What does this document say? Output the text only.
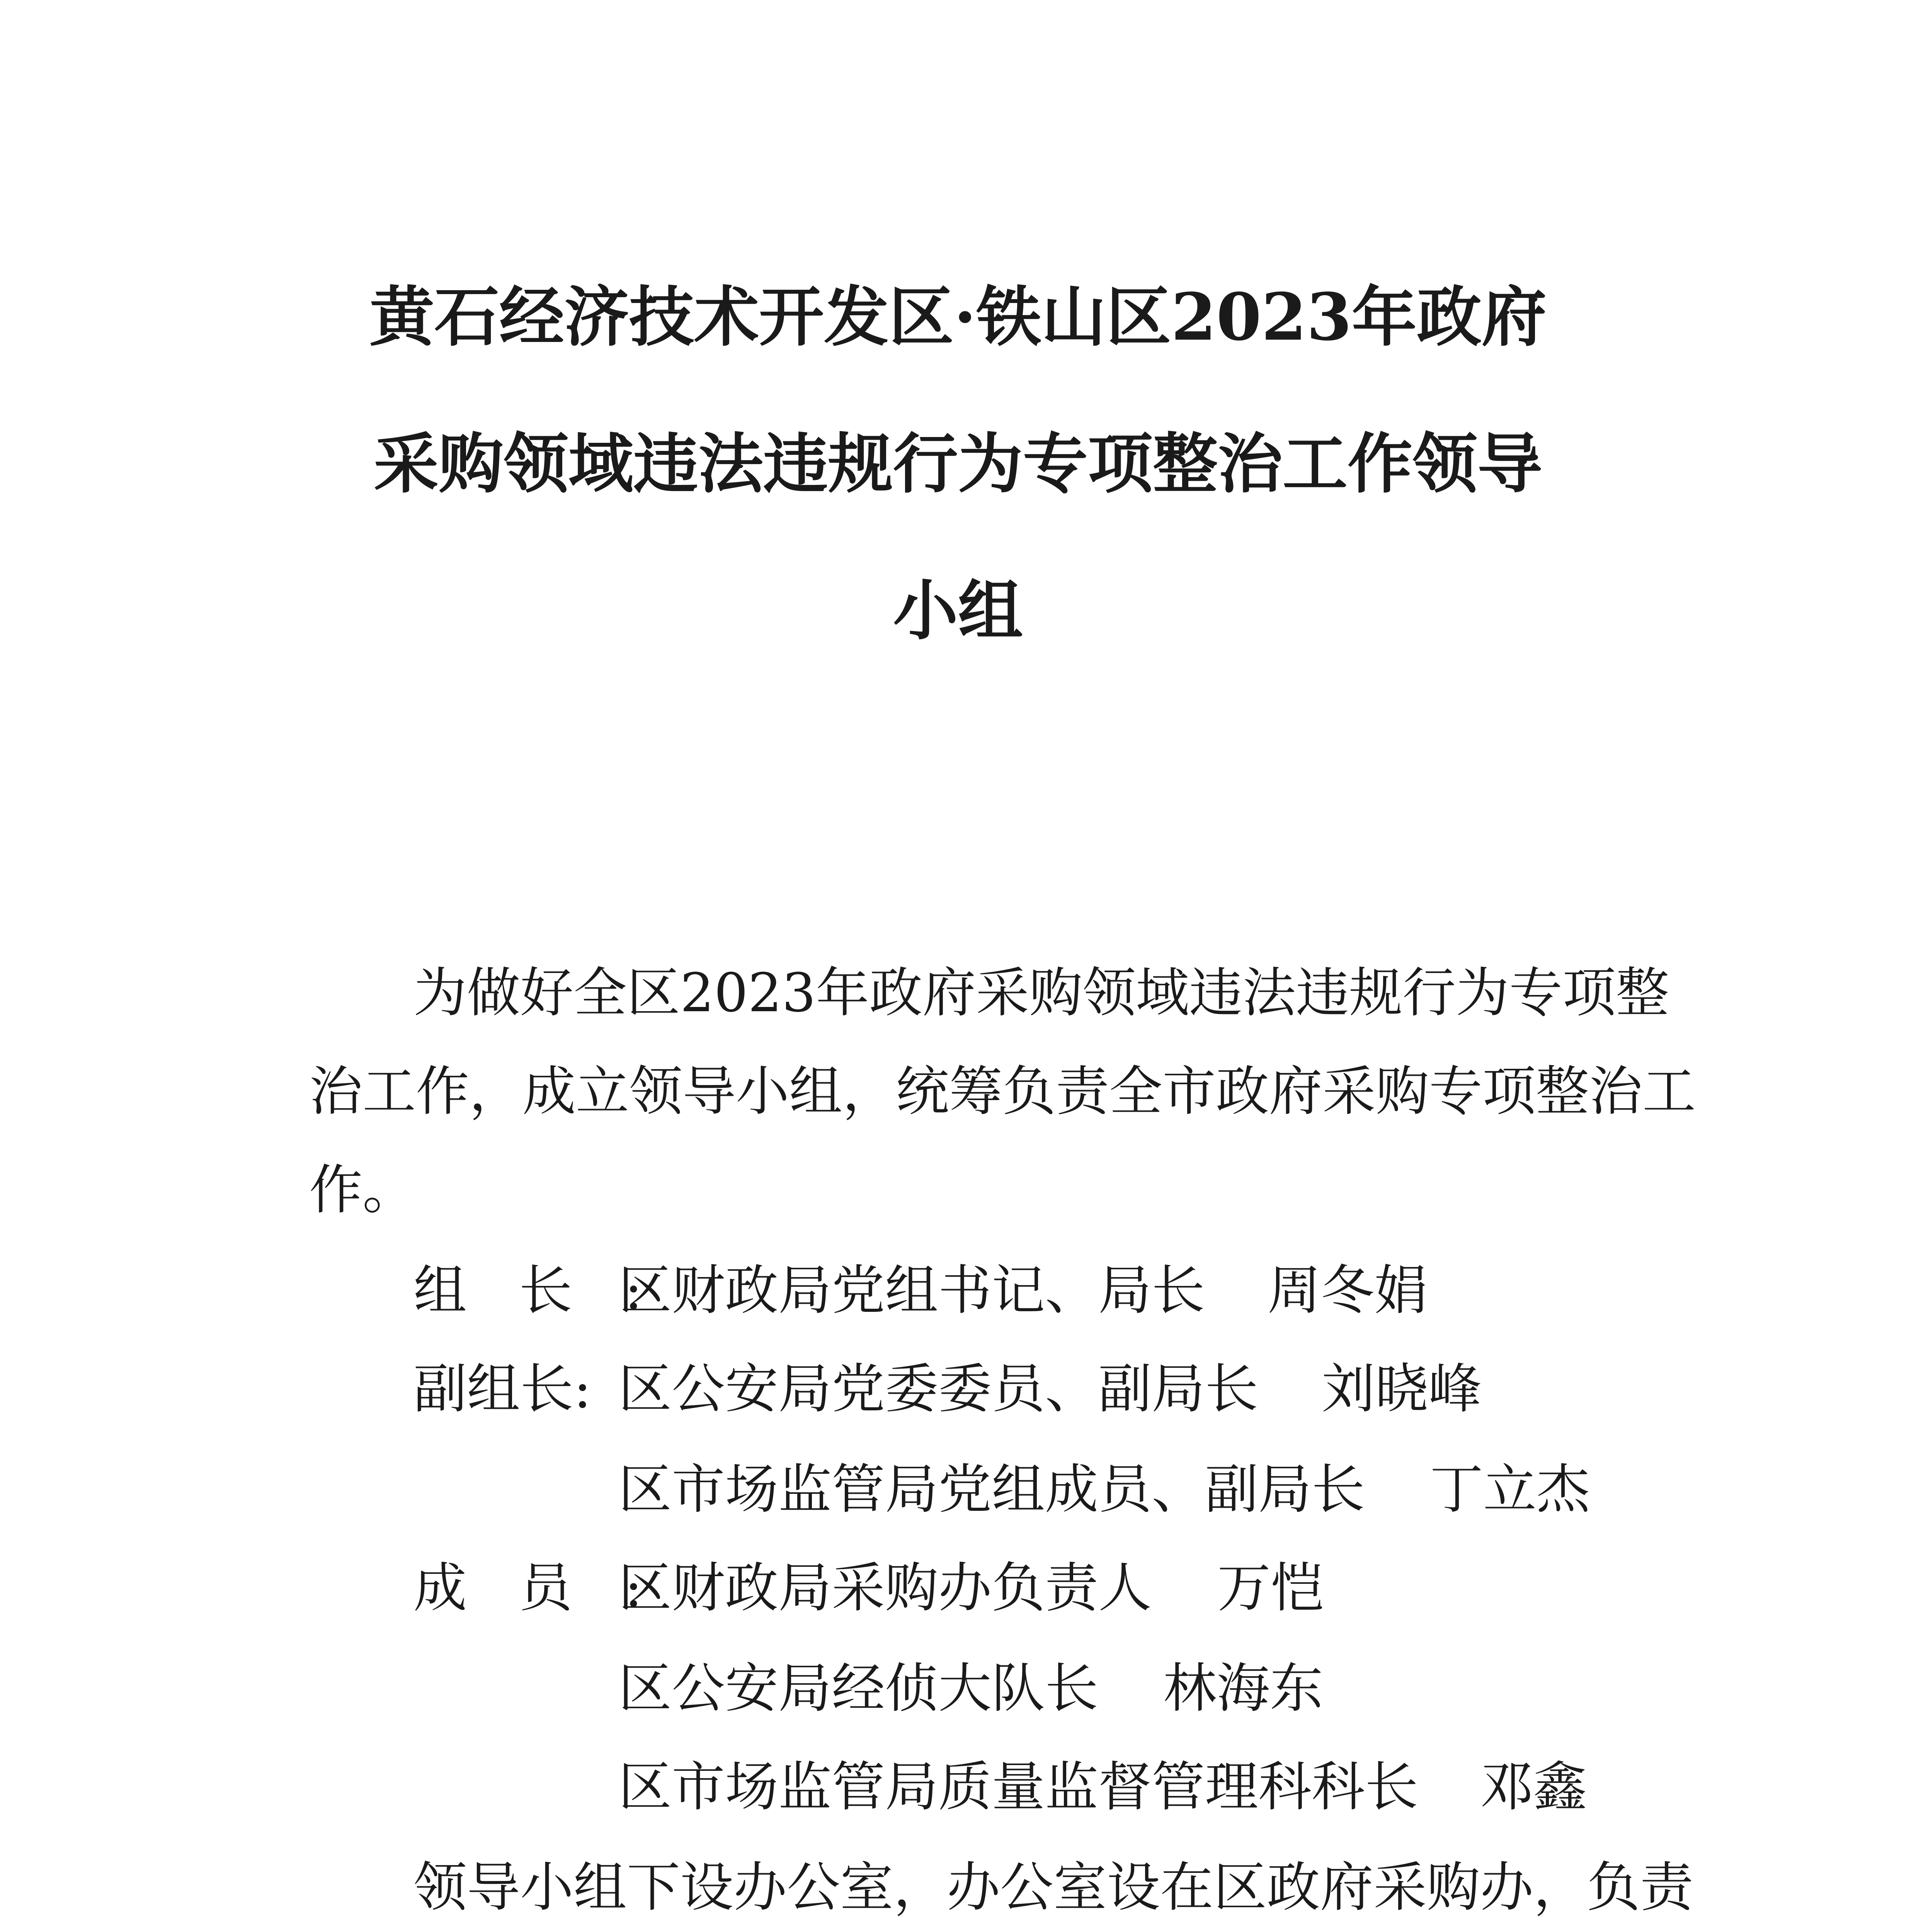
黄石经济技术开发区·铁山区2023年政府
采购领域违法违规行为专项整治工作领导
小组
为做好全区2023年政府采购领域违法违规行为专项整
治工作，成立领导小组，统筹负责全市政府采购专项整治工
作。
组长:
区财政局党组书记、局长 周冬娟
副组长: 区公安局党委委员、副局长 刘晓峰
区市场监管局党组成员、副局长 丁立杰
成员:
区财政局采购办负责人 万恺
区公安局经侦大队长 林海东
区市场监管局质量监督管理科科长 邓鑫
领导小组下设办公室，办公室设在区政府采购办，负责
